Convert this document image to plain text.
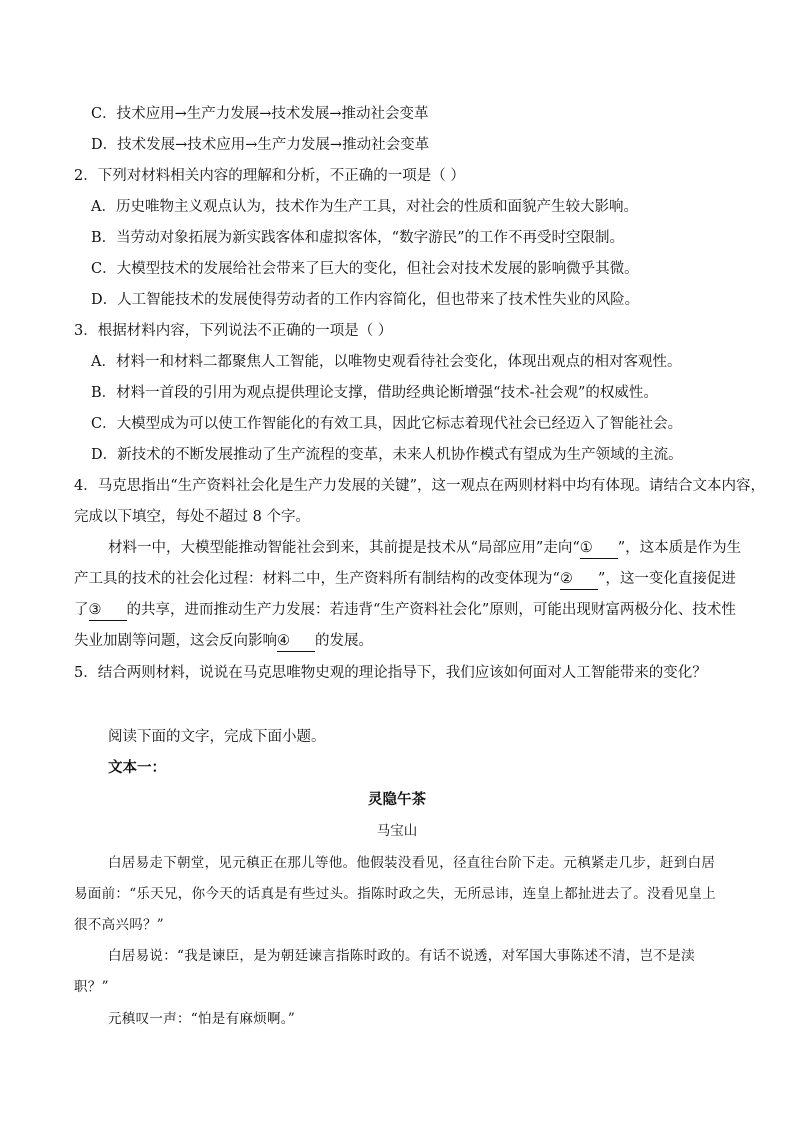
C．技术应用→生产力发展→技术发展→推动社会变革
D．技术发展→技术应用→生产力发展→推动社会变革
2．下列对材料相关内容的理解和分析，不正确的一项是（ ）
A．历史唯物主义观点认为，技术作为生产工具，对社会的性质和面貌产生较大影响。
B．当劳动对象拓展为新实践客体和虚拟客体，“数字游民”的工作不再受时空限制。
C．大模型技术的发展给社会带来了巨大的变化，但社会对技术发展的影响微乎其微。
D．人工智能技术的发展使得劳动者的工作内容简化，但也带来了技术性失业的风险。
3．根据材料内容，下列说法不正确的一项是（ ）
A．材料一和材料二都聚焦人工智能，以唯物史观看待社会变化，体现出观点的相对客观性。
B．材料一首段的引用为观点提供理论支撑，借助经典论断增强“技术-社会观”的权威性。
C．大模型成为可以使工作智能化的有效工具，因此它标志着现代社会已经迈入了智能社会。
D．新技术的不断发展推动了生产流程的变革，未来人机协作模式有望成为生产领域的主流。
4．马克思指出“生产资料社会化是生产力发展的关键”，这一观点在两则材料中均有体现。请结合文本内容，
完成以下填空，每处不超过 8 个字。
材料一中，大模型能推动智能社会到来，其前提是技术从“局部应用”走向“① ”，这本质是作为生
产工具的技术的社会化过程：材料二中，生产资料所有制结构的改变体现为“② ”，这一变化直接促进
了③ 的共享，进而推动生产力发展：若违背“生产资料社会化”原则，可能出现财富两极分化、技术性
失业加剧等问题，这会反向影响④ 的发展。
5．结合两则材料，说说在马克思唯物史观的理论指导下，我们应该如何面对人工智能带来的变化？
阅读下面的文字，完成下面小题。
文本一：
灵隐午茶
马宝山
白居易走下朝堂，见元稹正在那儿等他。他假装没看见，径直往台阶下走。元稹紧走几步，赶到白居
易面前：“乐天兄，你今天的话真是有些过头。指陈时政之失，无所忌讳，连皇上都扯进去了。没看见皇上
很不高兴吗？”
白居易说：“我是谏臣，是为朝廷谏言指陈时政的。有话不说透，对军国大事陈述不清，岂不是渎
职？”
元稹叹一声：“怕是有麻烦啊。”
